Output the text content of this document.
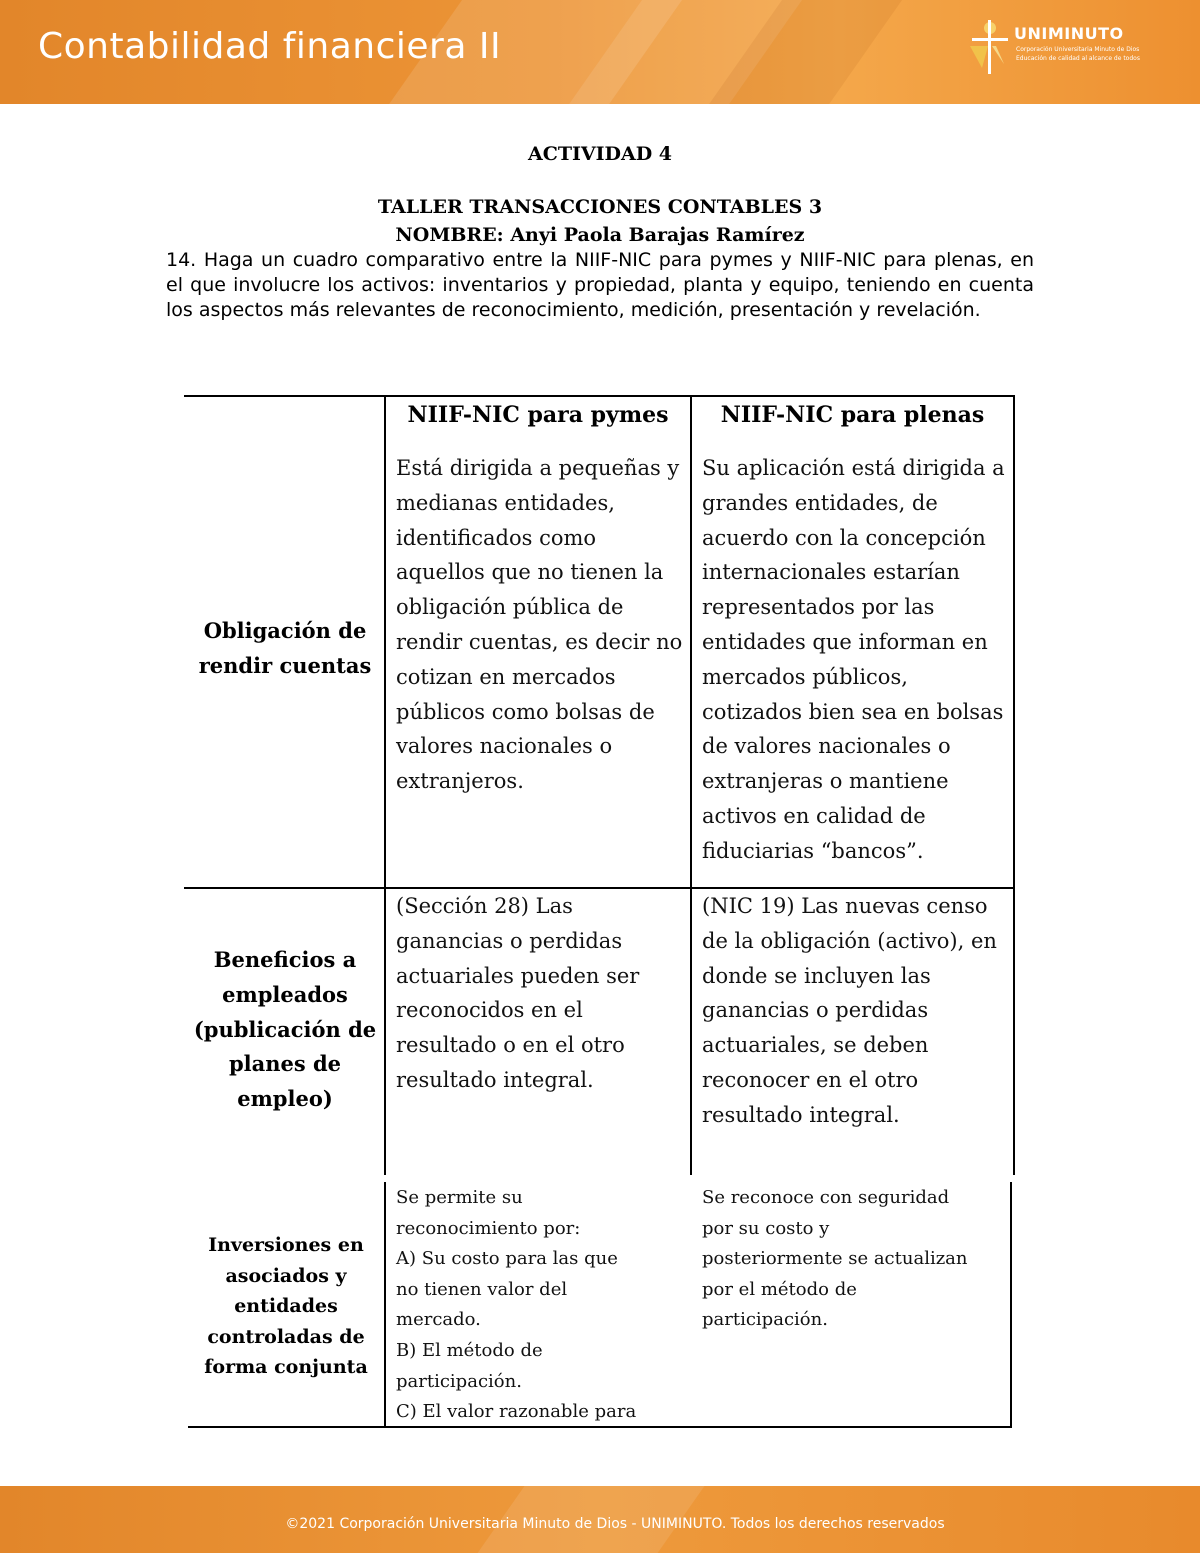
Contabilidad financiera II	UNIMINUTO
Corporación Universitaria Minuto de Dios
Educación de calidad al alcance de todos
ACTIVIDAD 4
TALLER TRANSACCIONES CONTABLES 3
NOMBRE: Anyi Paola Barajas Ramírez
14. Haga un cuadro comparativo entre la NIIF-NIC para pymes y NIIF-NIC para plenas, en el que involucre los activos: inventarios y propiedad, planta y equipo, teniendo en cuenta los aspectos más relevantes de reconocimiento, medición, presentación y revelación.
NIIF-NIC para pymes	NIIF-NIC para plenas
Obligación de
rendir cuentas
Está dirigida a pequeñas y
medianas entidades,
identificados como
aquellos que no tienen la
obligación pública de
rendir cuentas, es decir no
cotizan en mercados
públicos como bolsas de
valores nacionales o
extranjeros.
Su aplicación está dirigida a
grandes entidades, de
acuerdo con la concepción
internacionales estarían
representados por las
entidades que informan en
mercados públicos,
cotizados bien sea en bolsas
de valores nacionales o
extranjeras o mantiene
activos en calidad de
fiduciarias “bancos”.
Beneficios a
empleados
(publicación de
planes de
empleo)
(Sección 28) Las
ganancias o perdidas
actuariales pueden ser
reconocidos en el
resultado o en el otro
resultado integral.
(NIC 19) Las nuevas censo
de la obligación (activo), en
donde se incluyen las
ganancias o perdidas
actuariales, se deben
reconocer en el otro
resultado integral.
Inversiones en
asociados y
entidades
controladas de
forma conjunta
Se permite su
reconocimiento por:
A) Su costo para las que
no tienen valor del
mercado.
B) El método de
participación.
C) El valor razonable para
Se reconoce con seguridad
por su costo y
posteriormente se actualizan
por el método de
participación.
©2021 Corporación Universitaria Minuto de Dios - UNIMINUTO. Todos los derechos reservados
